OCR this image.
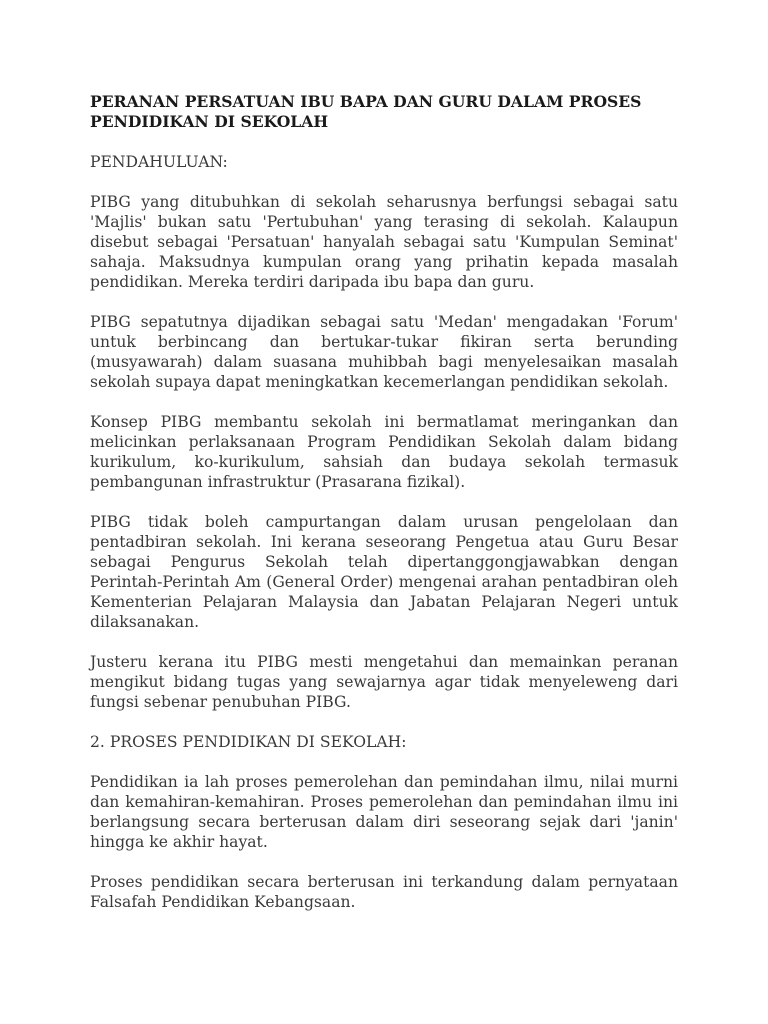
PERANAN PERSATUAN IBU BAPA DAN GURU DALAM PROSES PENDIDIKAN DI SEKOLAH
PENDAHULUAN:

PIBG yang ditubuhkan di sekolah seharusnya berfungsi sebagai satu 'Majlis' bukan satu 'Pertubuhan' yang terasing di sekolah. Kalaupun disebut sebagai 'Persatuan' hanyalah sebagai satu 'Kumpulan Seminat' sahaja. Maksudnya kumpulan orang yang prihatin kepada masalah pendidikan. Mereka terdiri daripada ibu bapa dan guru.

PIBG sepatutnya dijadikan sebagai satu 'Medan' mengadakan 'Forum' untuk berbincang dan bertukar-tukar fikiran serta berunding (musyawarah) dalam suasana muhibbah bagi menyelesaikan masalah sekolah supaya dapat meningkatkan kecemerlangan pendidikan sekolah.

Konsep PIBG membantu sekolah ini bermatlamat meringankan dan melicinkan perlaksanaan Program Pendidikan Sekolah dalam bidang kurikulum, ko-kurikulum, sahsiah dan budaya sekolah termasuk pembangunan infrastruktur (Prasarana fizikal).

PIBG tidak boleh campurtangan dalam urusan pengelolaan dan pentadbiran sekolah. Ini kerana seseorang Pengetua atau Guru Besar sebagai Pengurus Sekolah telah dipertanggongjawabkan dengan Perintah-Perintah Am (General Order) mengenai arahan pentadbiran oleh Kementerian Pelajaran Malaysia dan Jabatan Pelajaran Negeri untuk dilaksanakan.

Justeru kerana itu PIBG mesti mengetahui dan memainkan peranan mengikut bidang tugas yang sewajarnya agar tidak menyeleweng dari fungsi sebenar penubuhan PIBG.

2. PROSES PENDIDIKAN DI SEKOLAH:

Pendidikan ia lah proses pemerolehan dan pemindahan ilmu, nilai murni dan kemahiran-kemahiran. Proses pemerolehan dan pemindahan ilmu ini berlangsung secara berterusan dalam diri seseorang sejak dari 'janin' hingga ke akhir hayat.

Proses pendidikan secara berterusan ini terkandung dalam pernyataan Falsafah Pendidikan Kebangsaan.
